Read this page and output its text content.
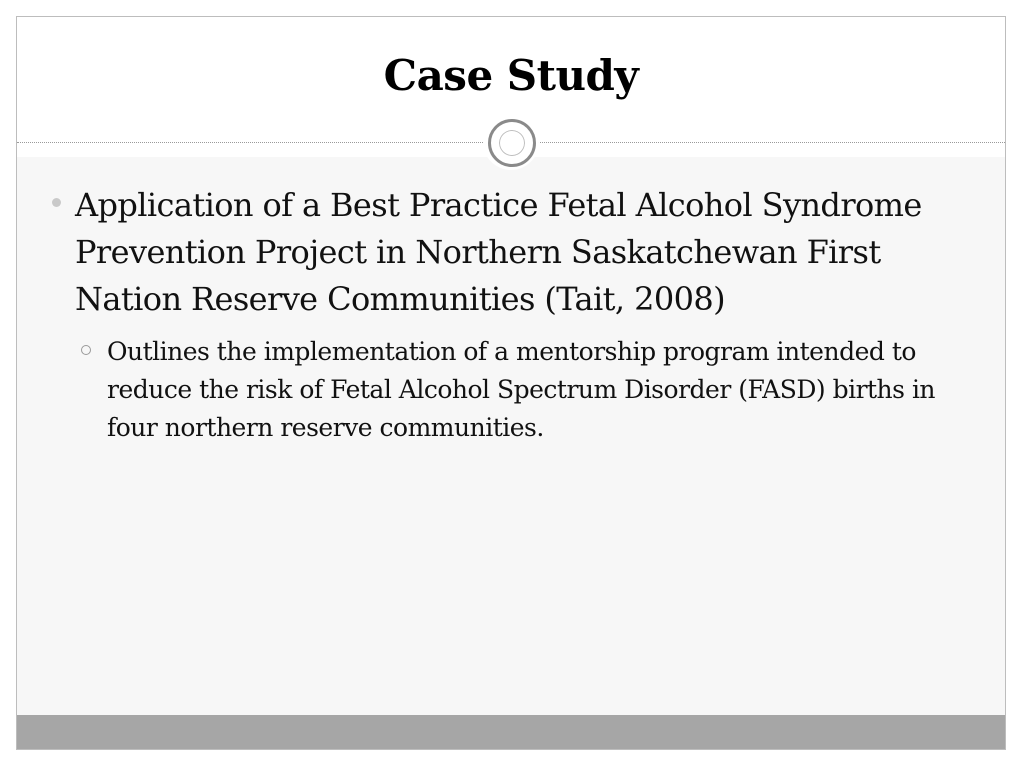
Case Study
Application of a Best Practice Fetal Alcohol Syndrome Prevention Project in Northern Saskatchewan First Nation Reserve Communities (Tait, 2008)
Outlines the implementation of a mentorship program intended to reduce the risk of Fetal Alcohol Spectrum Disorder (FASD) births in four northern reserve communities.
